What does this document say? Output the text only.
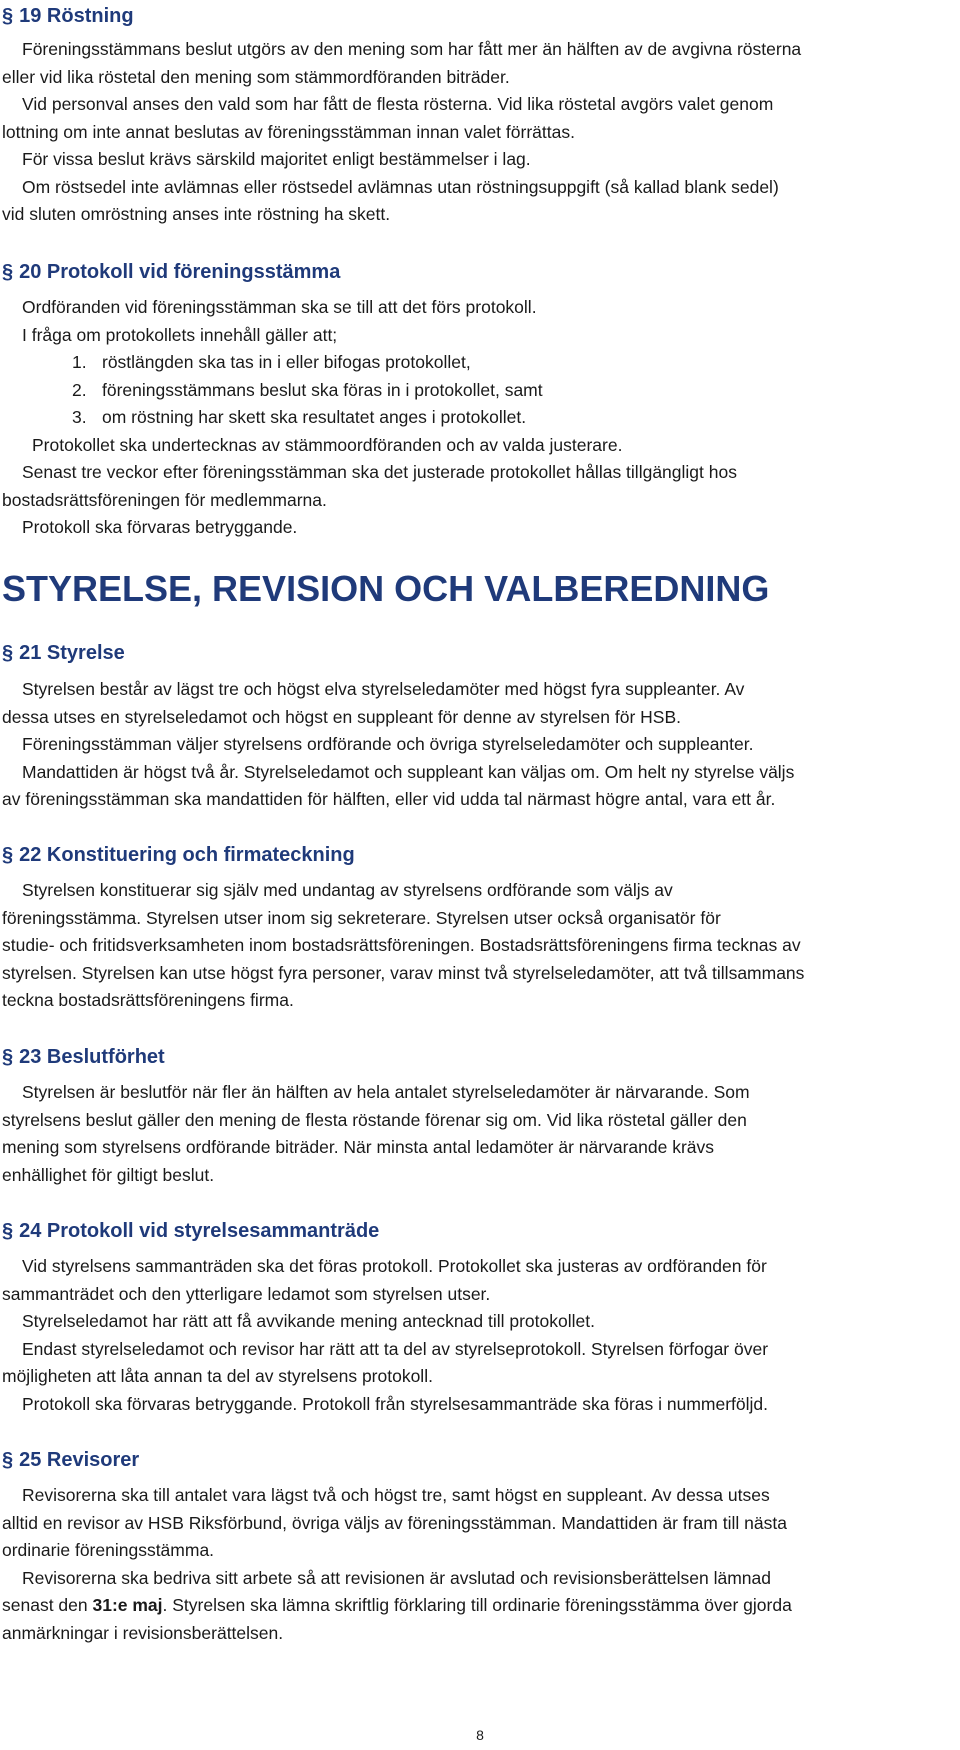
§ 19 Röstning

Föreningsstämmans beslut utgörs av den mening som har fått mer än hälften av de avgivna rösterna

eller vid lika röstetal den mening som stämmordföranden biträder.

Vid personval anses den vald som har fått de flesta rösterna. Vid lika röstetal avgörs valet genom

lottning om inte annat beslutas av föreningsstämman innan valet förrättas.

För vissa beslut krävs särskild majoritet enligt bestämmelser i lag.

Om röstsedel inte avlämnas eller röstsedel avlämnas utan röstningsuppgift (så kallad blank sedel)

vid sluten omröstning anses inte röstning ha skett.

§ 20 Protokoll vid föreningsstämma

Ordföranden vid föreningsstämman ska se till att det förs protokoll.

I fråga om protokollets innehåll gäller att;

1. röstlängden ska tas in i eller bifogas protokollet,

2. föreningsstämmans beslut ska föras in i protokollet, samt

3. om röstning har skett ska resultatet anges i protokollet.

Protokollet ska undertecknas av stämmoordföranden och av valda justerare.

Senast tre veckor efter föreningsstämman ska det justerade protokollet hållas tillgängligt hos

bostadsrättsföreningen för medlemmarna.

Protokoll ska förvaras betryggande.

STYRELSE, REVISION OCH VALBEREDNING
§ 21 Styrelse

Styrelsen består av lägst tre och högst elva styrelseledamöter med högst fyra suppleanter. Av

dessa utses en styrelseledamot och högst en suppleant för denne av styrelsen för HSB.

Föreningsstämman väljer styrelsens ordförande och övriga styrelseledamöter och suppleanter.

Mandattiden är högst två år. Styrelseledamot och suppleant kan väljas om. Om helt ny styrelse väljs

av föreningsstämman ska mandattiden för hälften, eller vid udda tal närmast högre antal, vara ett år.

§ 22 Konstituering och firmateckning

Styrelsen konstituerar sig själv med undantag av styrelsens ordförande som väljs av

föreningsstämma. Styrelsen utser inom sig sekreterare. Styrelsen utser också organisatör för

studie- och fritidsverksamheten inom bostadsrättsföreningen. Bostadsrättsföreningens firma tecknas av

styrelsen. Styrelsen kan utse högst fyra personer, varav minst två styrelseledamöter, att två tillsammans

teckna bostadsrättsföreningens firma.

§ 23 Beslutförhet

Styrelsen är beslutför när fler än hälften av hela antalet styrelseledamöter är närvarande. Som

styrelsens beslut gäller den mening de flesta röstande förenar sig om. Vid lika röstetal gäller den

mening som styrelsens ordförande biträder. När minsta antal ledamöter är närvarande krävs

enhällighet för giltigt beslut.

§ 24 Protokoll vid styrelsesammanträde

Vid styrelsens sammanträden ska det föras protokoll. Protokollet ska justeras av ordföranden för

sammanträdet och den ytterligare ledamot som styrelsen utser.

Styrelseledamot har rätt att få avvikande mening antecknad till protokollet.

Endast styrelseledamot och revisor har rätt att ta del av styrelseprotokoll. Styrelsen förfogar över

möjligheten att låta annan ta del av styrelsens protokoll.

Protokoll ska förvaras betryggande. Protokoll från styrelsesammanträde ska föras i nummerföljd.

§ 25 Revisorer

Revisorerna ska till antalet vara lägst två och högst tre, samt högst en suppleant. Av dessa utses

alltid en revisor av HSB Riksförbund, övriga väljs av föreningsstämman. Mandattiden är fram till nästa

ordinarie föreningsstämma.

Revisorerna ska bedriva sitt arbete så att revisionen är avslutad och revisionsberättelsen lämnad

senast den 31:e maj. Styrelsen ska lämna skriftlig förklaring till ordinarie föreningsstämma över gjorda

anmärkningar i revisionsberättelsen.

8
